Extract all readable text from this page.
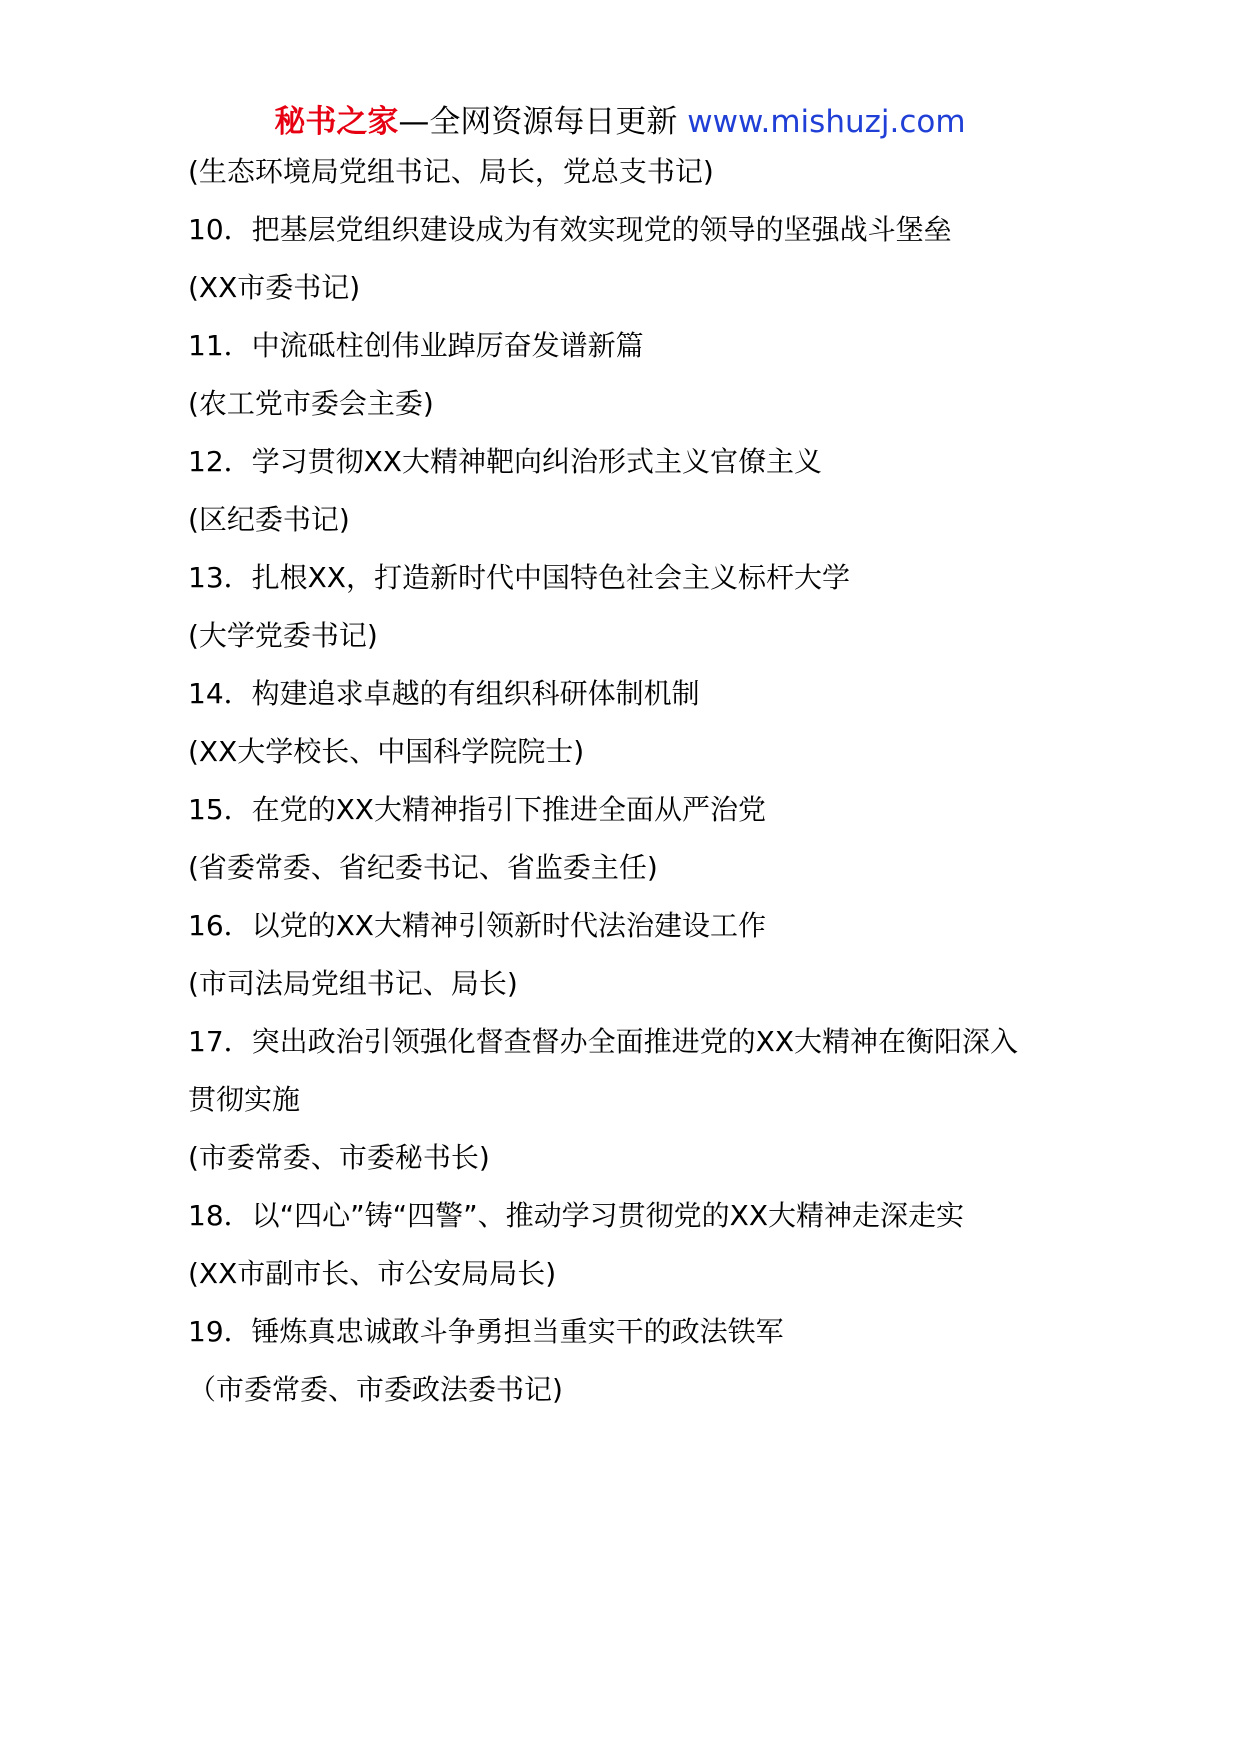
秘书之家—全网资源每日更新 www.mishuzj.com
(生态环境局党组书记、局长，党总支书记)
10．把基层党组织建设成为有效实现党的领导的坚强战斗堡垒
(XX市委书记)
11．中流砥柱创伟业踔厉奋发谱新篇
(农工党市委会主委)
12．学习贯彻XX大精神靶向纠治形式主义官僚主义
(区纪委书记)
13．扎根XX，打造新时代中国特色社会主义标杆大学
(大学党委书记)
14．构建追求卓越的有组织科研体制机制
(XX大学校长、中国科学院院士)
15．在党的XX大精神指引下推进全面从严治党
(省委常委、省纪委书记、省监委主任)
16．以党的XX大精神引领新时代法治建设工作
(市司法局党组书记、局长)
17．突出政治引领强化督查督办全面推进党的XX大精神在衡阳深入
贯彻实施
(市委常委、市委秘书长)
18．以“四心”铸“四警”、推动学习贯彻党的XX大精神走深走实
(XX市副市长、市公安局局长)
19．锤炼真忠诚敢斗争勇担当重实干的政法铁军
（市委常委、市委政法委书记)
